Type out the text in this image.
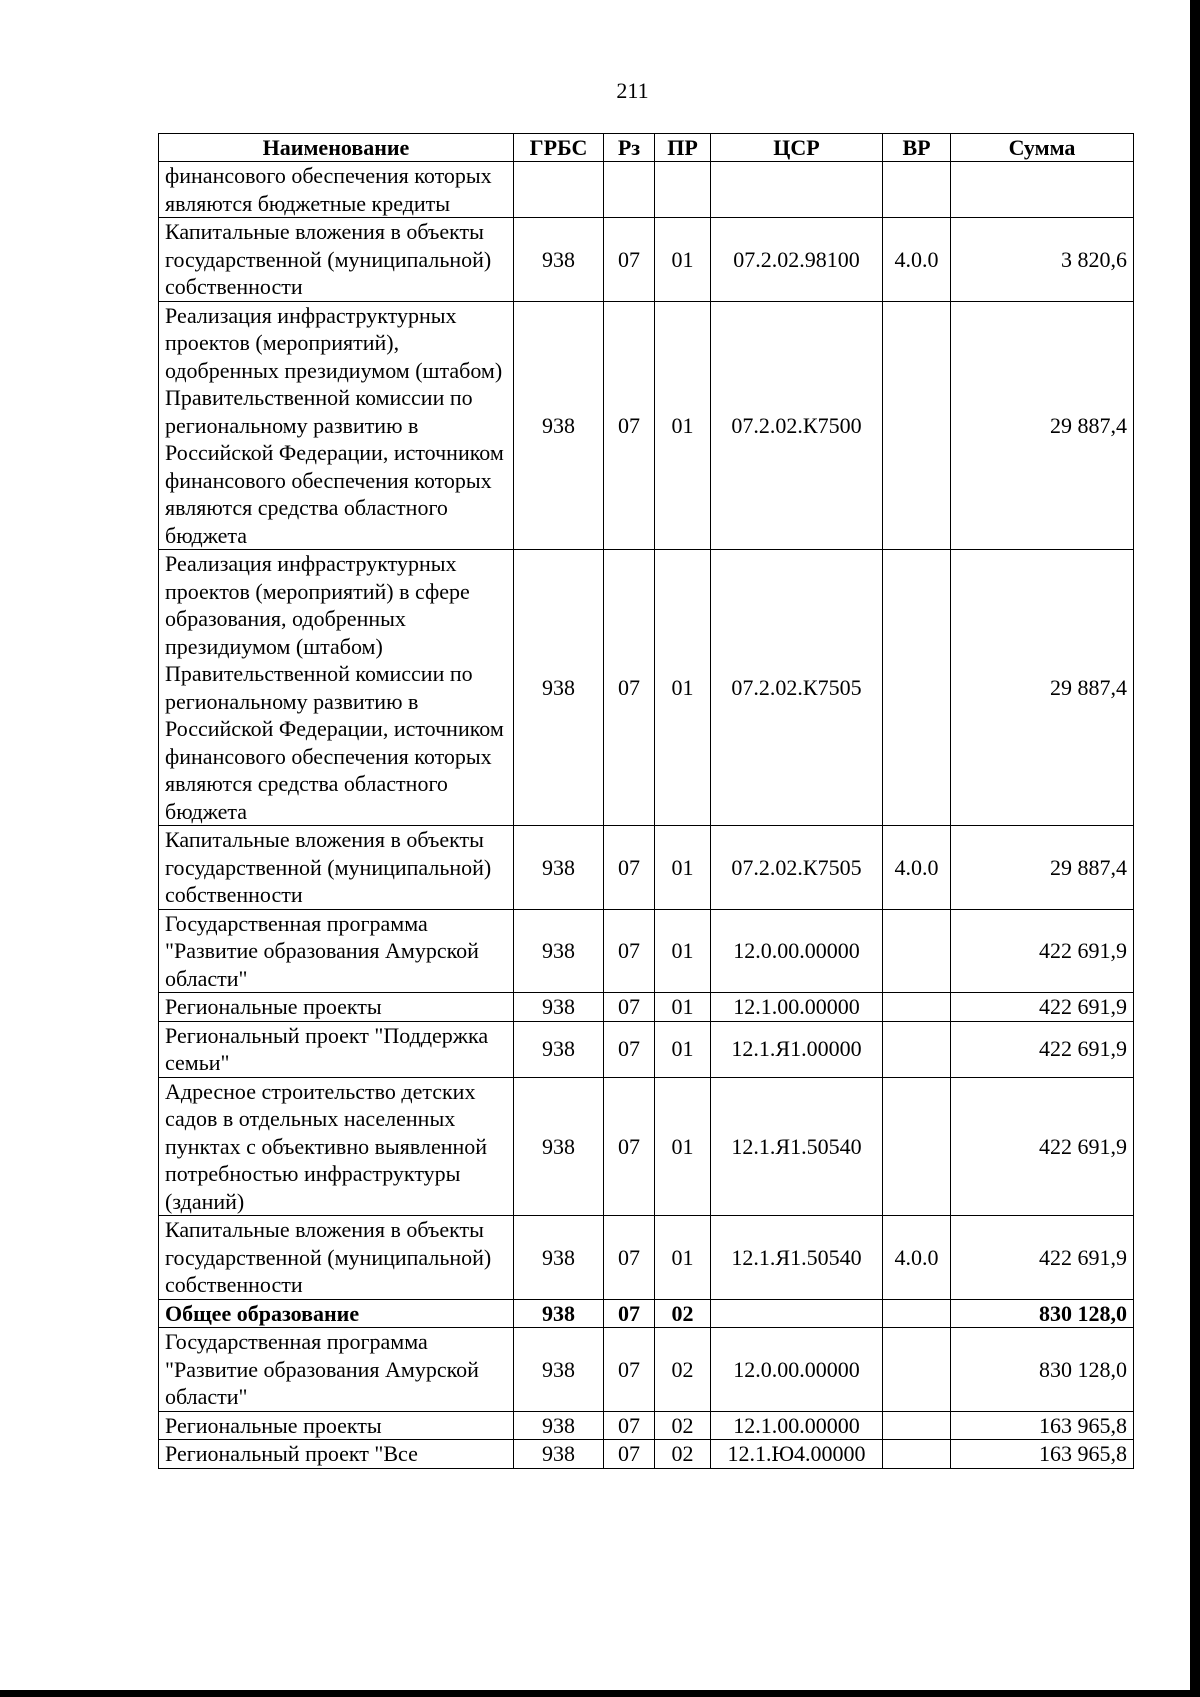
211
Наименование	ГРБС	Рз	ПР	ЦСР	ВР	Сумма
финансового обеспечения которых являются бюджетные кредиты						
Капитальные вложения в объекты государственной (муниципальной) собственности	938	07	01	07.2.02.98100	4.0.0	3 820,6
Реализация инфраструктурных проектов (мероприятий), одобренных президиумом (штабом) Правительственной комиссии по региональному развитию в Российской Федерации, источником финансового обеспечения которых являются средства областного бюджета	938	07	01	07.2.02.К7500		29 887,4
Реализация инфраструктурных проектов (мероприятий) в сфере образования, одобренных президиумом (штабом) Правительственной комиссии по региональному развитию в Российской Федерации, источником финансового обеспечения которых являются средства областного бюджета	938	07	01	07.2.02.К7505		29 887,4
Капитальные вложения в объекты государственной (муниципальной) собственности	938	07	01	07.2.02.К7505	4.0.0	29 887,4
Государственная программа "Развитие образования Амурской области"	938	07	01	12.0.00.00000		422 691,9
Региональные проекты	938	07	01	12.1.00.00000		422 691,9
Региональный проект "Поддержка семьи"	938	07	01	12.1.Я1.00000		422 691,9
Адресное строительство детских садов в отдельных населенных пунктах с объективно выявленной потребностью инфраструктуры (зданий)	938	07	01	12.1.Я1.50540		422 691,9
Капитальные вложения в объекты государственной (муниципальной) собственности	938	07	01	12.1.Я1.50540	4.0.0	422 691,9
Общее образование	938	07	02			830 128,0
Государственная программа "Развитие образования Амурской области"	938	07	02	12.0.00.00000		830 128,0
Региональные проекты	938	07	02	12.1.00.00000		163 965,8
Региональный проект "Все	938	07	02	12.1.Ю4.00000		163 965,8
